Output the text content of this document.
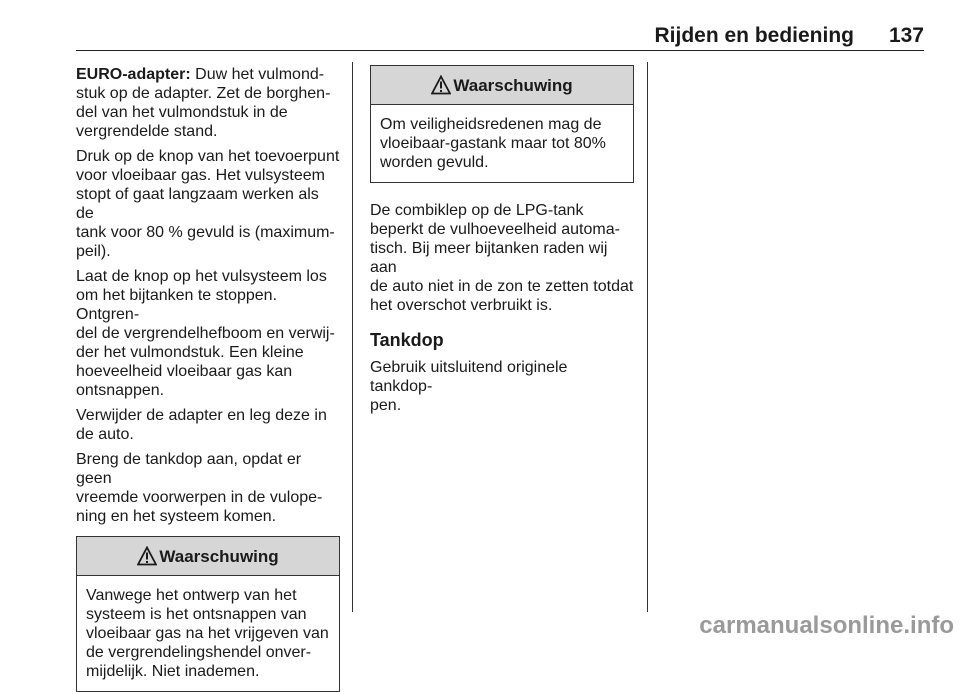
Rijden en bediening 137

EURO-adapter: Duw het vulmond-
stuk op de adapter. Zet de borghen-
del van het vulmondstuk in de
vergrendelde stand.

Druk op de knop van het toevoerpunt
voor vloeibaar gas. Het vulsysteem
stopt of gaat langzaam werken als de
tank voor 80 % gevuld is (maximum-
peil).

Laat de knop op het vulsysteem los
om het bijtanken te stoppen. Ontgren-
del de vergrendelhefboom en verwij-
der het vulmondstuk. Een kleine
hoeveelheid vloeibaar gas kan
ontsnappen.

Verwijder de adapter en leg deze in
de auto.

Breng de tankdop aan, opdat er geen
vreemde voorwerpen in de vulope-
ning en het systeem komen.

Waarschuwing
Vanwege het ontwerp van het
systeem is het ontsnappen van
vloeibaar gas na het vrijgeven van
de vergrendelingshendel onver-
mijdelijk. Niet inademen.
Waarschuwing
Om veiligheidsredenen mag de
vloeibaar-gastank maar tot 80%
worden gevuld.

De combiklep op de LPG-tank
beperkt de vulhoeveelheid automa-
tisch. Bij meer bijtanken raden wij aan
de auto niet in de zon te zetten totdat
het overschot verbruikt is.

Tankdop

Gebruik uitsluitend originele tankdop-
pen.

carmanualsonline.info
